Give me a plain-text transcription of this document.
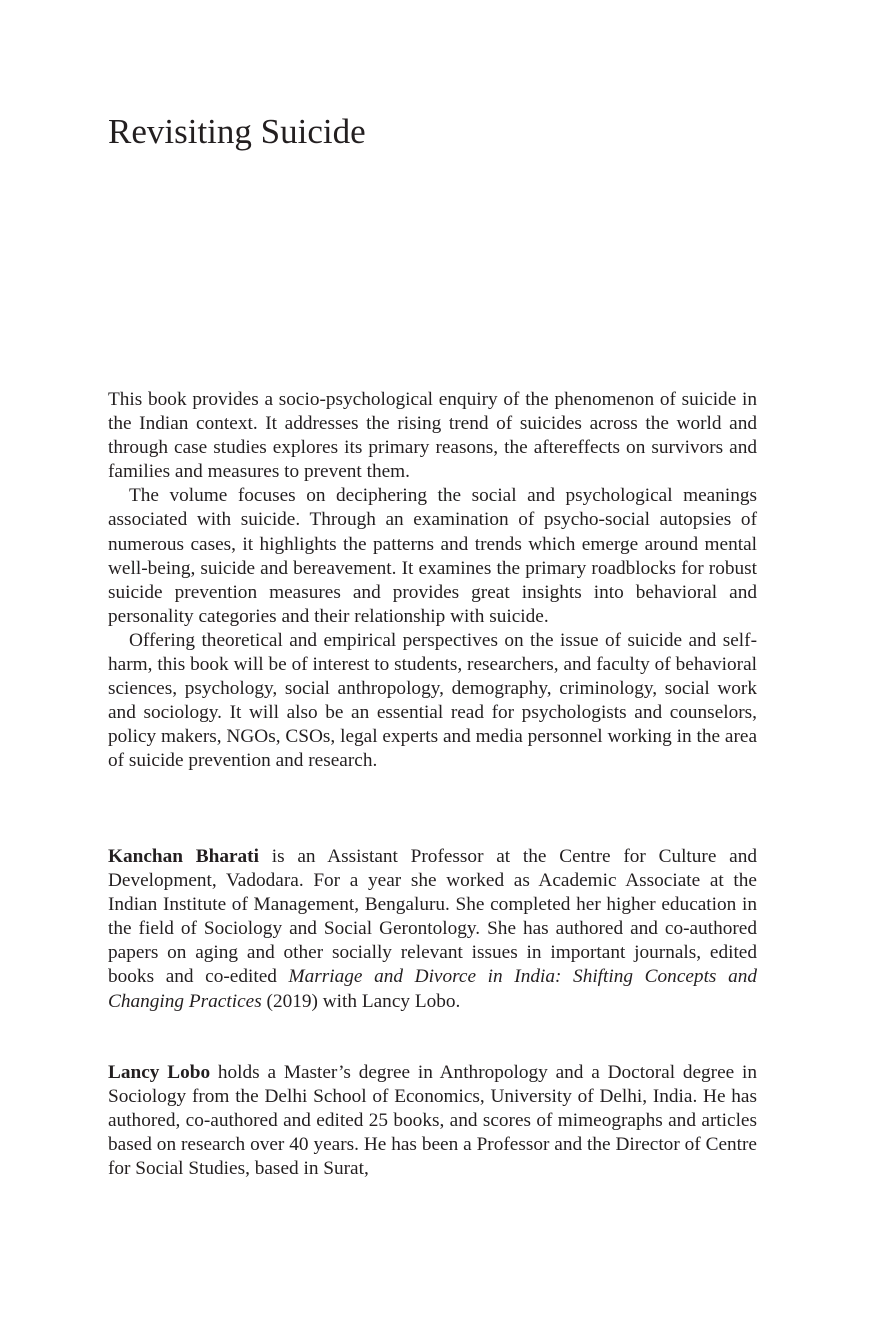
Revisiting Suicide

This book provides a socio-psychological enquiry of the phenomenon of suicide in the Indian context. It addresses the rising trend of suicides across the world and through case studies explores its primary reasons, the aftereffects on survivors and families and measures to prevent them.

The volume focuses on deciphering the social and psychological meanings associated with suicide. Through an examination of psycho-social autopsies of numerous cases, it highlights the patterns and trends which emerge around mental well-being, suicide and bereavement. It examines the primary roadblocks for robust suicide prevention measures and provides great insights into behavioral and personality categories and their relationship with suicide.

Offering theoretical and empirical perspectives on the issue of suicide and self-harm, this book will be of interest to students, researchers, and faculty of behavioral sciences, psychology, social anthropology, demography, criminology, social work and sociology. It will also be an essential read for psychologists and counselors, policy makers, NGOs, CSOs, legal experts and media personnel working in the area of suicide prevention and research.

Kanchan Bharati is an Assistant Professor at the Centre for Culture and Development, Vadodara. For a year she worked as Academic Associate at the Indian Institute of Management, Bengaluru. She completed her higher education in the field of Sociology and Social Gerontology. She has authored and co-authored papers on aging and other socially relevant issues in important journals, edited books and co-edited Marriage and Divorce in India: Shifting Concepts and Changing Practices (2019) with Lancy Lobo.

Lancy Lobo holds a Master’s degree in Anthropology and a Doctoral degree in Sociology from the Delhi School of Economics, University of Delhi, India. He has authored, co-authored and edited 25 books, and scores of mimeographs and articles based on research over 40 years. He has been a Professor and the Director of Centre for Social Studies, based in Surat,
